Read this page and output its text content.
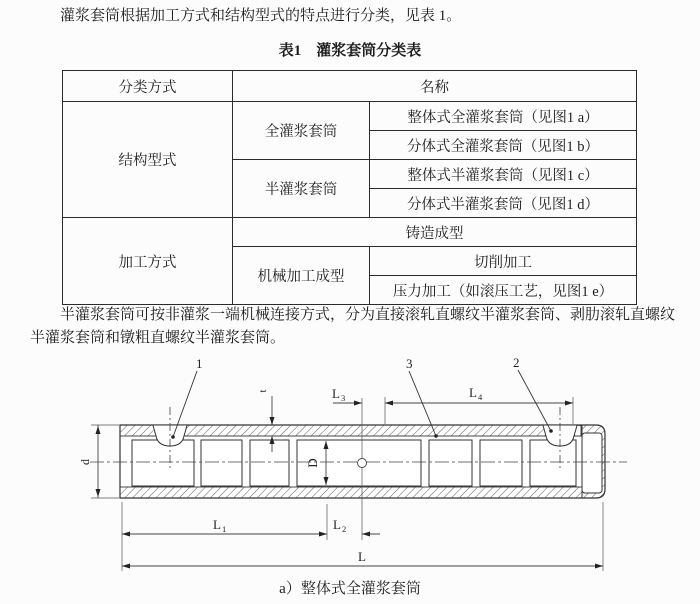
灌浆套筒根据加工方式和结构型式的特点进行分类，见表 1。

表1　灌浆套筒分类表
分类方式	名称	
结构型式	全灌浆套筒	整体式全灌浆套筒（见图1 a）
		分体式全灌浆套筒（见图1 b）
	半灌浆套筒	整体式半灌浆套筒（见图1 c）
		分体式半灌浆套筒（见图1 d）
加工方式	铸造成型	
	机械加工成型	切削加工
		压力加工（如滚压工艺，见图1 e）

半灌浆套筒可按非灌浆一端机械连接方式，分为直接滚轧直螺纹半灌浆套筒、剥肋滚轧直螺纹
半灌浆套筒和镦粗直螺纹半灌浆套筒。

1	3	2
d
t
D
L 3	L 4
L 1	L 2
L
a）整体式全灌浆套筒
